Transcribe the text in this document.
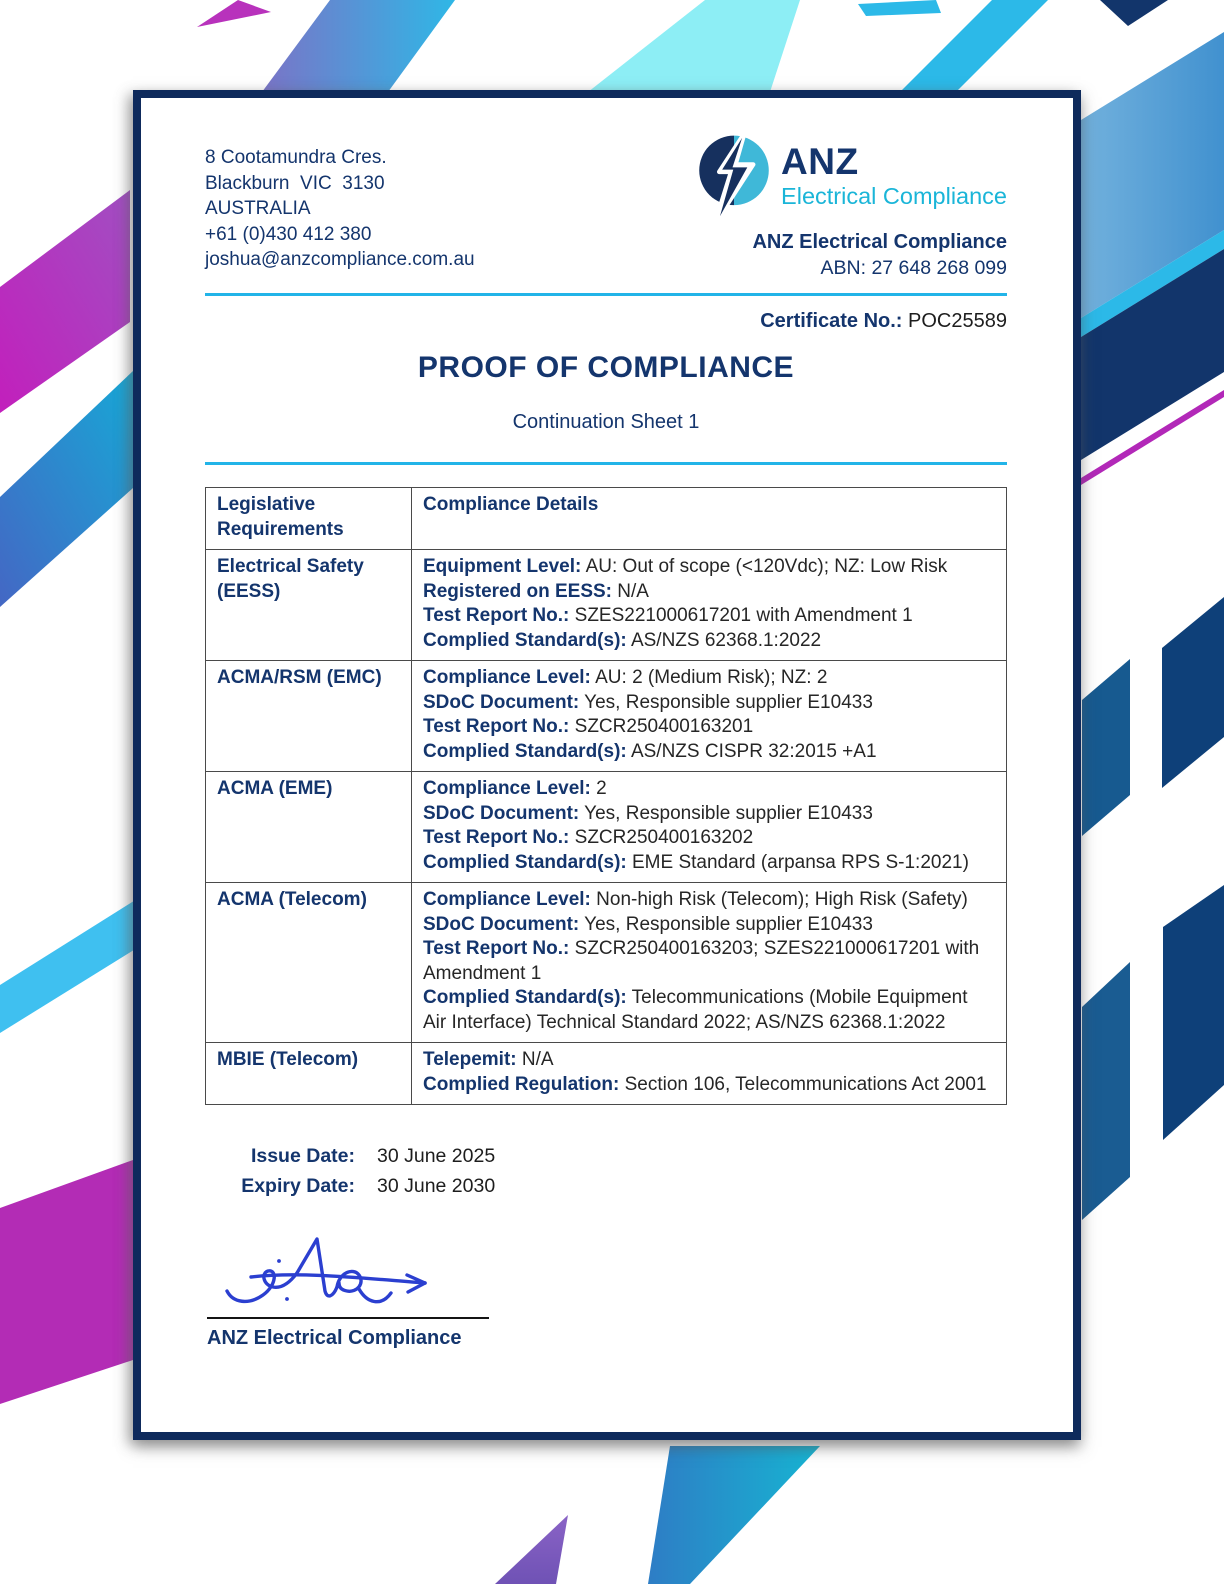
8 Cootamundra Cres.
Blackburn  VIC  3130
AUSTRALIA
+61 (0)430 412 380
joshua@anzcompliance.com.au
ANZ
Electrical Compliance
ANZ Electrical Compliance
ABN: 27 648 268 099
Certificate No.: POC25589
PROOF OF COMPLIANCE
Continuation Sheet 1
Legislative Requirements	Compliance Details
Electrical Safety (EESS)	Equipment Level: AU: Out of scope (<120Vdc); NZ: Low Risk
Registered on EESS: N/A
Test Report No.: SZES221000617201 with Amendment 1
Complied Standard(s): AS/NZS 62368.1:2022

ACMA/RSM (EMC)	Compliance Level: AU: 2 (Medium Risk); NZ: 2
SDoC Document: Yes, Responsible supplier E10433
Test Report No.: SZCR250400163201
Complied Standard(s): AS/NZS CISPR 32:2015 +A1

ACMA (EME)	Compliance Level: 2
SDoC Document: Yes, Responsible supplier E10433
Test Report No.: SZCR250400163202
Complied Standard(s): EME Standard (arpansa RPS S-1:2021)

ACMA (Telecom)	Compliance Level: Non-high Risk (Telecom); High Risk (Safety)
SDoC Document: Yes, Responsible supplier E10433
Test Report No.: SZCR250400163203; SZES221000617201 with Amendment 1
Complied Standard(s): Telecommunications (Mobile Equipment Air Interface) Technical Standard 2022; AS/NZS 62368.1:2022

MBIE (Telecom)	Telepemit: N/A
Complied Regulation: Section 106, Telecommunications Act 2001
Issue Date: 30 June 2025
Expiry Date: 30 June 2030
ANZ Electrical Compliance
